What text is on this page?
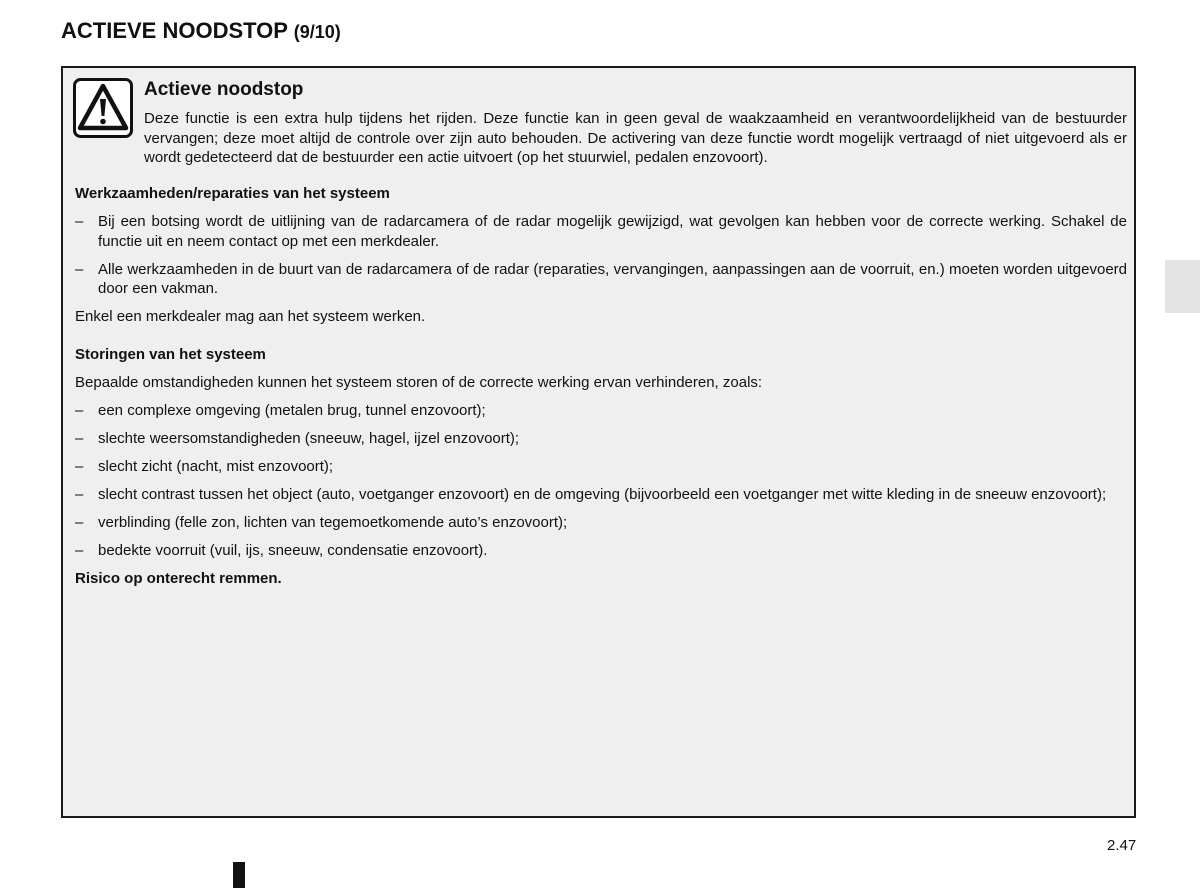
ACTIEVE NOODSTOP (9/10)
Actieve noodstop

Deze functie is een extra hulp tijdens het rijden. Deze functie kan in geen geval de waakzaamheid en verantwoordelijkheid van de bestuurder vervangen; deze moet altijd de controle over zijn auto behouden. De activering van deze functie wordt mogelijk vertraagd of niet uitgevoerd als er wordt gedetecteerd dat de bestuurder een actie uitvoert (op het stuurwiel, pedalen enzovoort).

Werkzaamheden/reparaties van het systeem

– Bij een botsing wordt de uitlijning van de radarcamera of de radar mogelijk gewijzigd, wat gevolgen kan hebben voor de correcte werking. Schakel de functie uit en neem contact op met een merkdealer.
– Alle werkzaamheden in de buurt van de radarcamera of de radar (reparaties, vervangingen, aanpassingen aan de voorruit, en.) moeten worden uitgevoerd door een vakman.

Enkel een merkdealer mag aan het systeem werken.

Storingen van het systeem

Bepaalde omstandigheden kunnen het systeem storen of de correcte werking ervan verhinderen, zoals:

– een complexe omgeving (metalen brug, tunnel enzovoort);
– slechte weersomstandigheden (sneeuw, hagel, ijzel enzovoort);
– slecht zicht (nacht, mist enzovoort);
– slecht contrast tussen het object (auto, voetganger enzovoort) en de omgeving (bijvoorbeeld een voetganger met witte kleding in de sneeuw enzovoort);
– verblinding (felle zon, lichten van tegemoetkomende auto’s enzovoort);
– bedekte voorruit (vuil, ijs, sneeuw, condensatie enzovoort).

Risico op onterecht remmen.

2.47
